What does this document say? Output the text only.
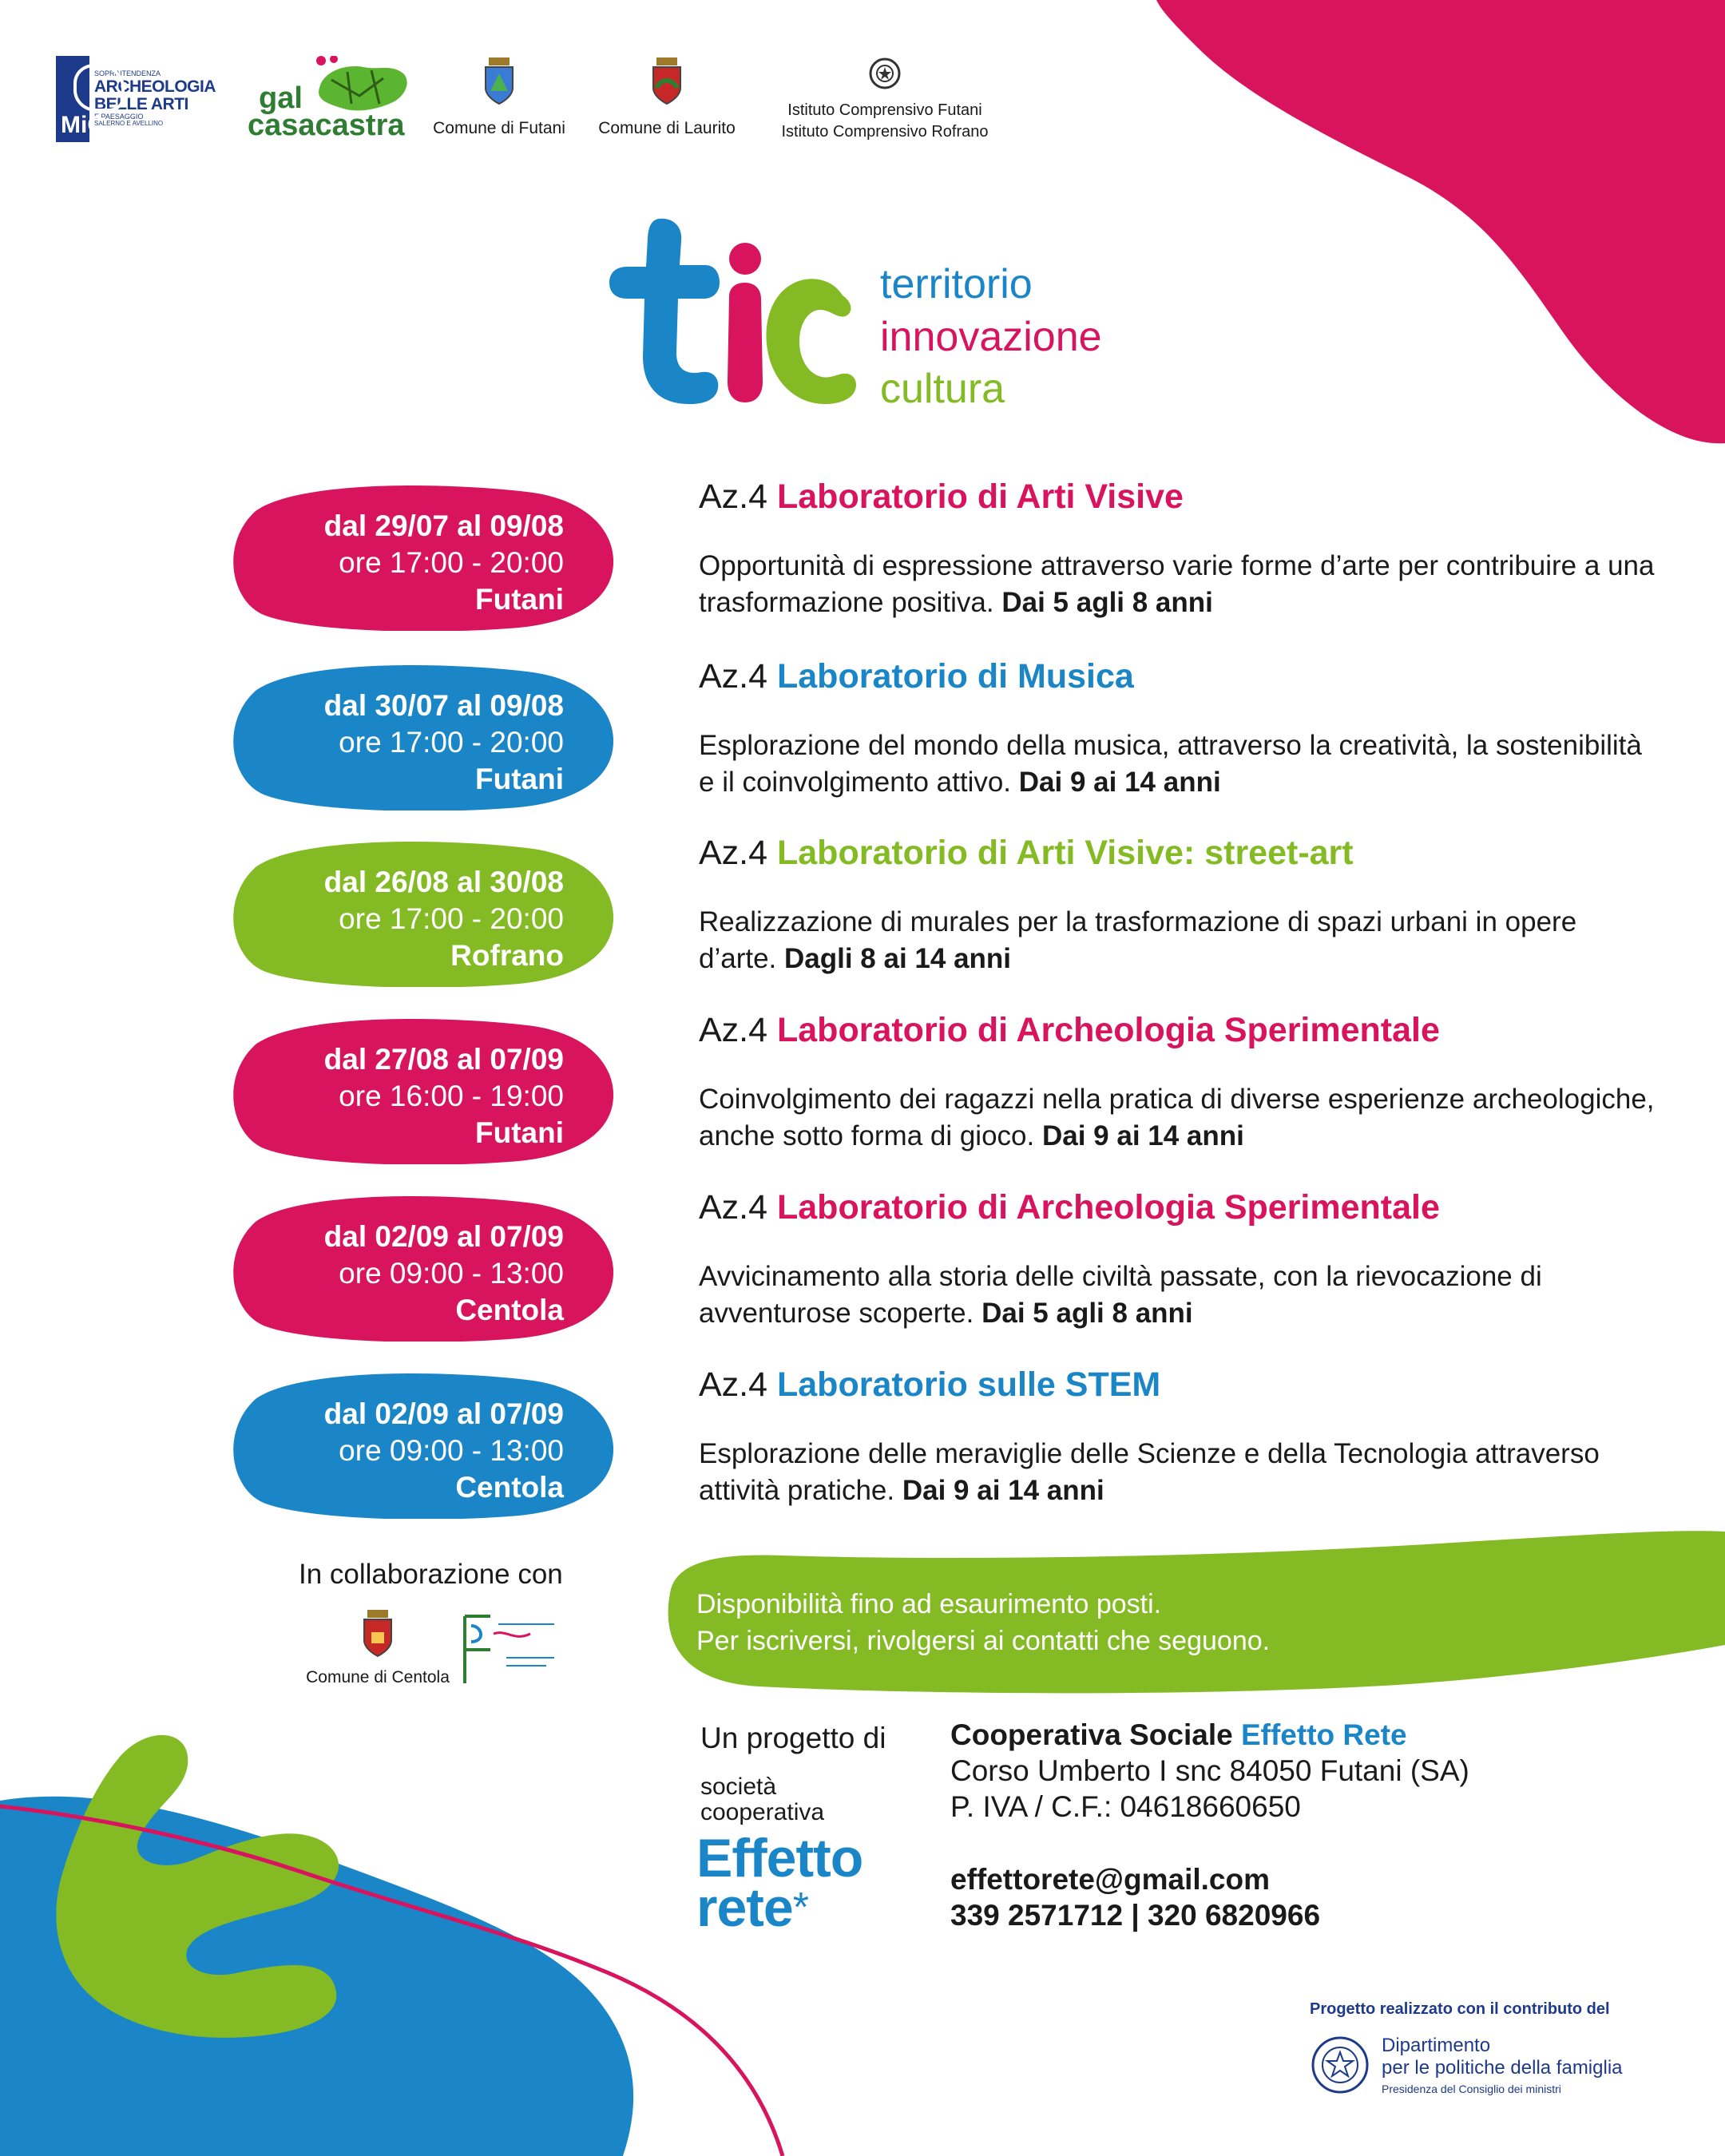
MiC
SOPRINTENDENZA
ARCHEOLOGIA
BELLE ARTI
E PAESAGGIO
SALERNO E AVELLINO
gal
casacastra	Comune di Futani	Comune di Laurito
Istituto Comprensivo Futani
Istituto Comprensivo Rofrano
territorio
innovazione
cultura
dal 29/07 al 09/08
ore 17:00 - 20:00
Futani
Az.4 Laboratorio di Arti Visive
Opportunità di espressione attraverso varie forme d’arte per contribuire a una trasformazione positiva. Dai 5 agli 8 anni
dal 30/07 al 09/08
ore 17:00 - 20:00
Futani
Az.4 Laboratorio di Musica
Esplorazione del mondo della musica, attraverso la creatività, la sostenibilità e il coinvolgimento attivo. Dai 9 ai 14 anni
dal 26/08 al 30/08
ore 17:00 - 20:00
Rofrano
Az.4 Laboratorio di Arti Visive: street-art
Realizzazione di murales per la trasformazione di spazi urbani in opere d’arte. Dagli 8 ai 14 anni
dal 27/08 al 07/09
ore 16:00 - 19:00
Futani
Az.4 Laboratorio di Archeologia Sperimentale
Coinvolgimento dei ragazzi nella pratica di diverse esperienze archeologiche, anche sotto forma di gioco. Dai 9 ai 14 anni
dal 02/09 al 07/09
ore 09:00 - 13:00
Centola
Az.4 Laboratorio di Archeologia Sperimentale
Avvicinamento alla storia delle civiltà passate, con la rievocazione di avventurose scoperte. Dai 5 agli 8 anni
dal 02/09 al 07/09
ore 09:00 - 13:00
Centola
Az.4 Laboratorio sulle STEM
Esplorazione delle meraviglie delle Scienze e della Tecnologia attraverso attività pratiche. Dai 9 ai 14 anni
In collaborazione con
Comune di Centola
Disponibilità fino ad esaurimento posti.
Per iscriversi, rivolgersi ai contatti che seguono.
Un progetto di
società
cooperativa
Effetto
rete*
Cooperativa Sociale Effetto Rete
Corso Umberto I snc 84050 Futani (SA)
P. IVA / C.F.: 04618660650
effettorete@gmail.com
339 2571712 | 320 6820966
Progetto realizzato con il contributo del
Dipartimento
per le politiche della famiglia
Presidenza del Consiglio dei ministri
